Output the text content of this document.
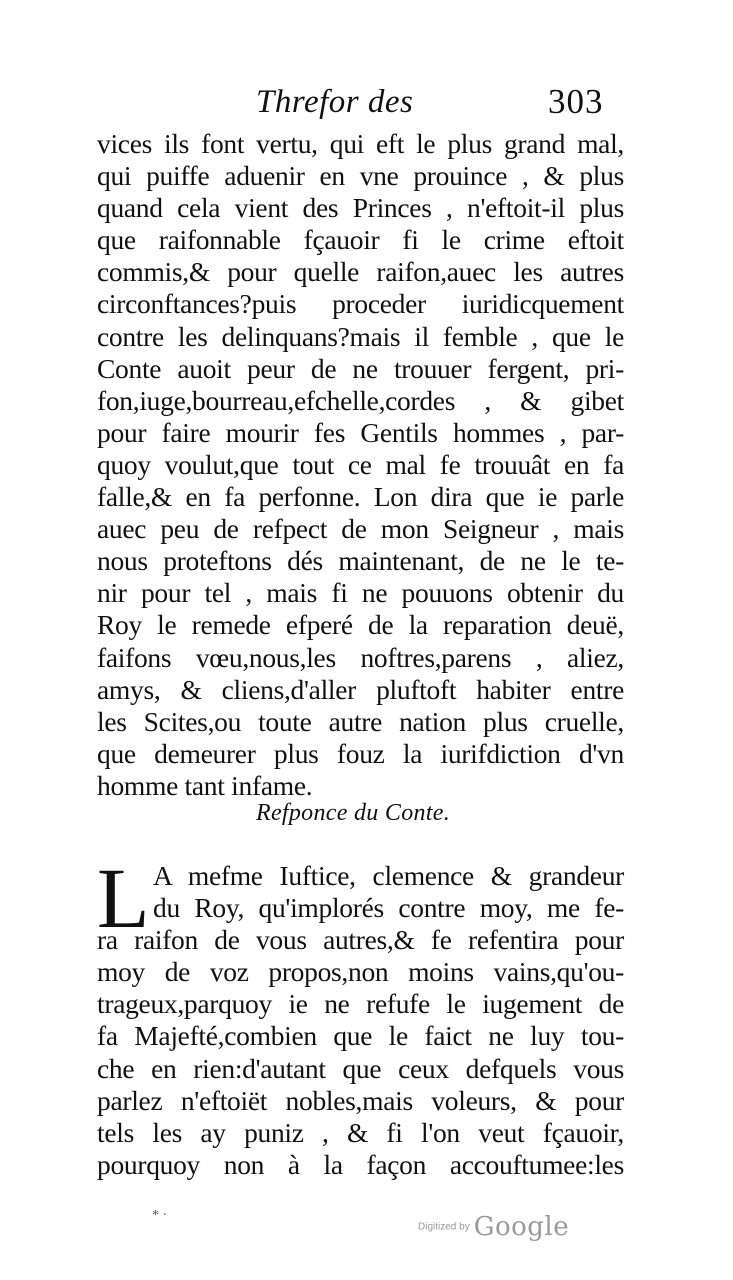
Threfor des	303
vices ils font vertu, qui eft le plus grand mal,
qui puiffe aduenir en vne prouince , & plus
quand cela vient des Princes , n'eftoit-il plus
que raifonnable fçauoir fi le crime eftoit
commis,& pour quelle raifon,auec les autres
circonftances?puis proceder iuridicquement
contre les delinquans?mais il femble , que le
Conte auoit peur de ne trouuer fergent, pri-
fon,iuge,bourreau,efchelle,cordes , & gibet
pour faire mourir fes Gentils hommes , par-
quoy voulut,que tout ce mal fe trouuât en fa
falle,& en fa perfonne. Lon dira que ie parle
auec peu de refpect de mon Seigneur , mais
nous proteftons dés maintenant, de ne le te-
nir pour tel , mais fi ne pouuons obtenir du
Roy le remede efperé de la reparation deuë,
faifons vœu,nous,les noftres,parens , aliez,
amys, & cliens,d'aller pluftoft habiter entre
les Scites,ou toute autre nation plus cruelle,
que demeurer plus fouz la iurifdiction d'vn
homme tant infame.
Refponce du Conte.
L A mefme Iuftice, clemence & grandeur
du Roy, qu'implorés contre moy, me fe-
ra raifon de vous autres,& fe refentira pour
moy de voz propos,non moins vains,qu'ou-
trageux,parquoy ie ne refufe le iugement de
fa Majefté,combien que le faict ne luy tou-
che en rien:d'autant que ceux defquels vous
parlez n'eftoiët nobles,mais voleurs, & pour
tels les ay puniz , & fi l'on veut fçauoir,
pourquoy non à la façon accouftumee:les
* ·
Digitized by Google
